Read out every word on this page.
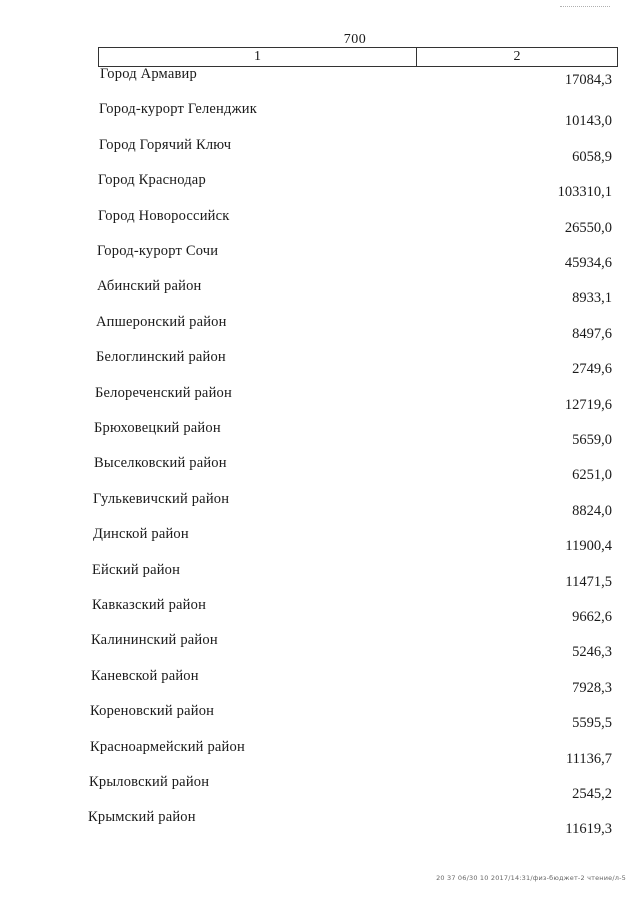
700
1	2
Город Армавир	17084,3
Город-курорт Геленджик
10143,0
Город Горячий Ключ
6058,9
Город Краснодар
103310,1
Город Новороссийск
26550,0
Город-курорт Сочи
45934,6
Абинский район
8933,1
Апшеронский район
8497,6
Белоглинский район
2749,6
Белореченский район
12719,6
Брюховецкий район
5659,0
Выселковский район
6251,0
Гулькевичский район
8824,0
Динской район
11900,4
Ейский район
11471,5
Кавказский район
9662,6
Калининский район
5246,3
Каневской район
7928,3
Кореновский район
5595,5
Красноармейский район
11136,7
Крыловский район
2545,2
Крымский район
11619,3
20 37 06/30 10 2017/14:31/физ-бюджет-2 чтение/л-5
